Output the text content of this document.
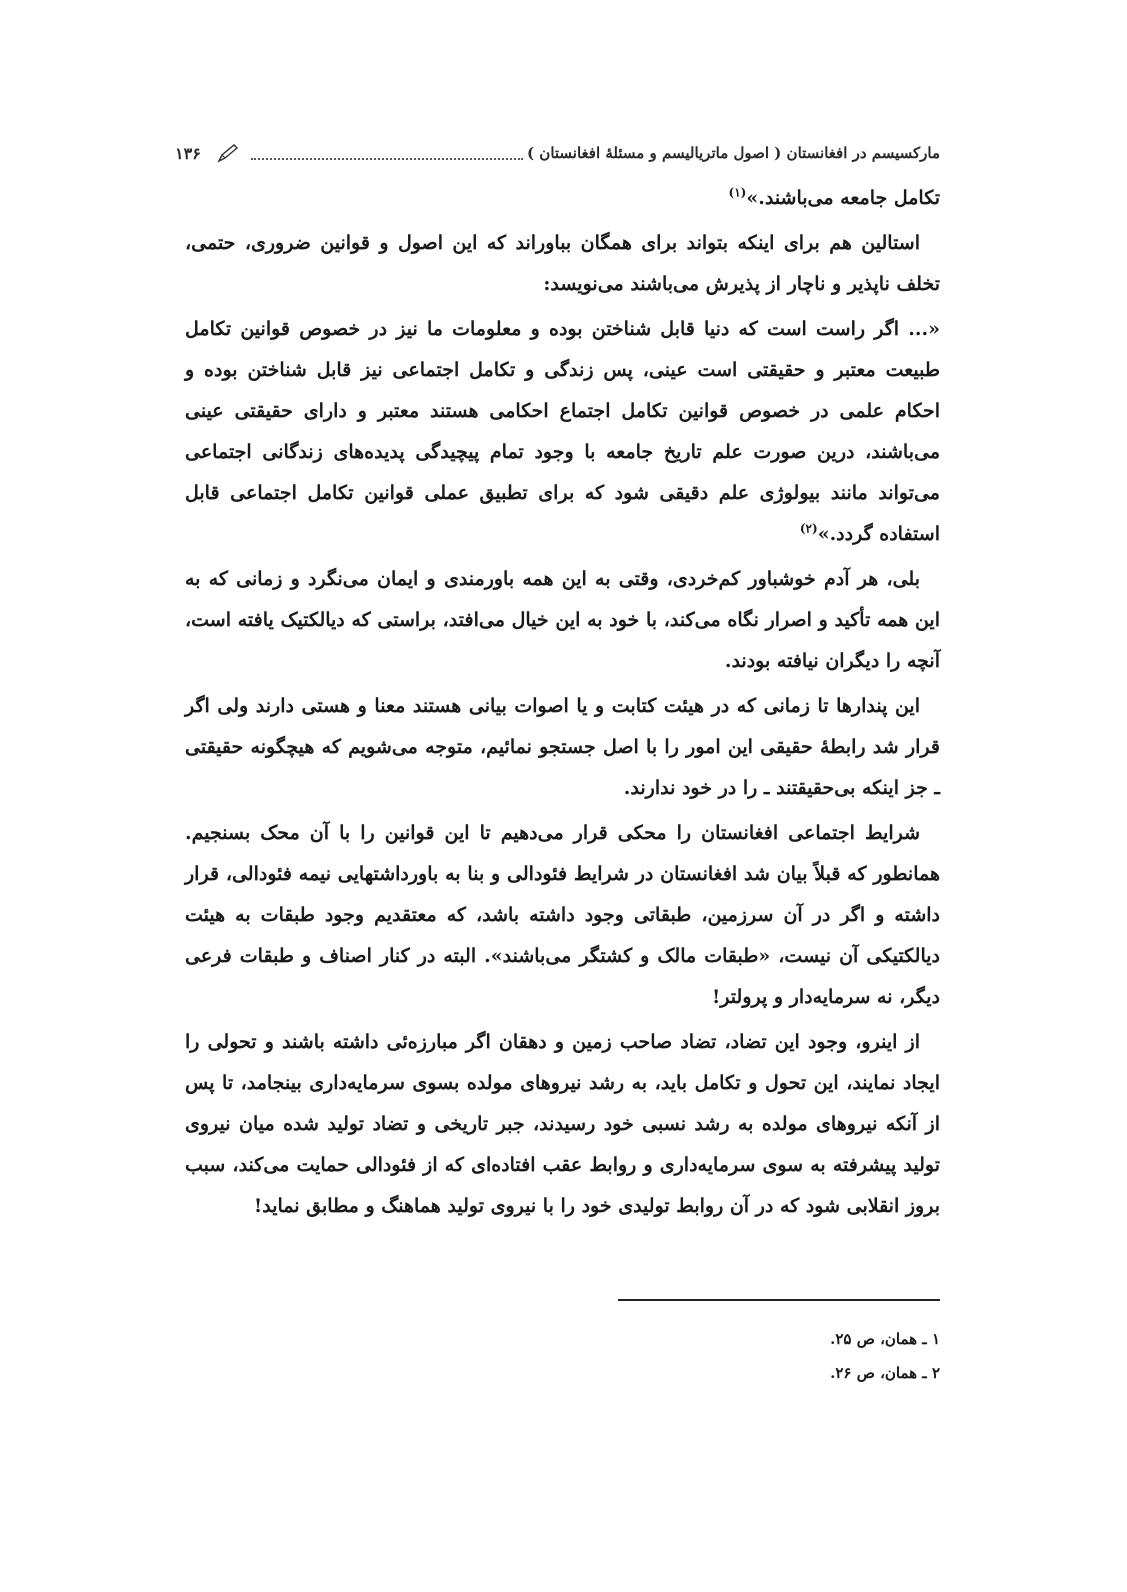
مارکسیسم در افغانستان ( اصول ماتریالیسم و مسئلهٔ افغانستان )
۱۳۶

تکامل جامعه می‌باشند.»$^{(۱)}$

استالین هم برای اینکه بتواند برای همگان بباوراند که این اصول و قوانین ضروری، حتمی، تخلف ناپذیر و ناچار از پذیرش می‌باشند می‌نویسد:

«... اگر راست است که دنیا قابل شناختن بوده و معلومات ما نیز در خصوص قوانین تکامل طبیعت معتبر و حقیقتی است عینی، پس زندگی و تکامل اجتماعی نیز قابل شناختن بوده و احکام علمی در خصوص قوانین تکامل اجتماع احکامی هستند معتبر و دارای حقیقتی عینی می‌باشند، درین صورت علم تاریخ جامعه با وجود تمام پیچیدگی پدیده‌های زندگانی اجتماعی می‌تواند مانند بیولوژی علم دقیقی شود که برای تطبیق عملی قوانین تکامل اجتماعی قابل استفاده گردد.»$^{(۲)}$

بلی، هر آدم خوشباور کم‌خردی، وقتی به این همه باورمندی و ایمان می‌نگرد و زمانی که به این همه تأکید و اصرار نگاه می‌کند، با خود به این خیال می‌افتد، براستی که دیالکتیک یافته است، آنچه را دیگران نیافته بودند.

این پندارها تا زمانی که در هیئت کتابت و یا اصوات بیانی هستند معنا و هستی دارند ولی اگر قرار شد رابطهٔ حقیقی این امور را با اصل جستجو نمائیم، متوجه می‌شویم که هیچگونه حقیقتی ـ جز اینکه بی‌حقیقتند ـ را در خود ندارند.

شرایط اجتماعی افغانستان را محکی قرار می‌دهیم تا این قوانین را با آن محک بسنجیم. همانطور که قبلاً بیان شد افغانستان در شرایط فئودالی و بنا به باورداشتهایی نیمه فئودالی، قرار داشته و اگر در آن سرزمین، طبقاتی وجود داشته باشد، که معتقدیم وجود طبقات به هیئت دیالکتیکی آن نیست، «طبقات مالک و کشتگر می‌باشند». البته در کنار اصناف و طبقات فرعی دیگر، نه سرمایه‌دار و پرولتر!

از اینرو، وجود این تضاد، تضاد صاحب زمین و دهقان اگر مبارزه‌ئی داشته باشند و تحولی را ایجاد نمایند، این تحول و تکامل باید، به رشد نیروهای مولده بسوی سرمایه‌داری بینجامد، تا پس از آنکه نیروهای مولده به رشد نسبی خود رسیدند، جبر تاریخی و تضاد تولید شده میان نیروی تولید پیشرفته به سوی سرمایه‌داری و روابط عقب افتاده‌ای که از فئودالی حمایت می‌کند، سبب بروز انقلابی شود که در آن روابط تولیدی خود را با نیروی تولید هماهنگ و مطابق نماید!

۱ ـ همان، ص ۲۵.
۲ ـ همان، ص ۲۶.
